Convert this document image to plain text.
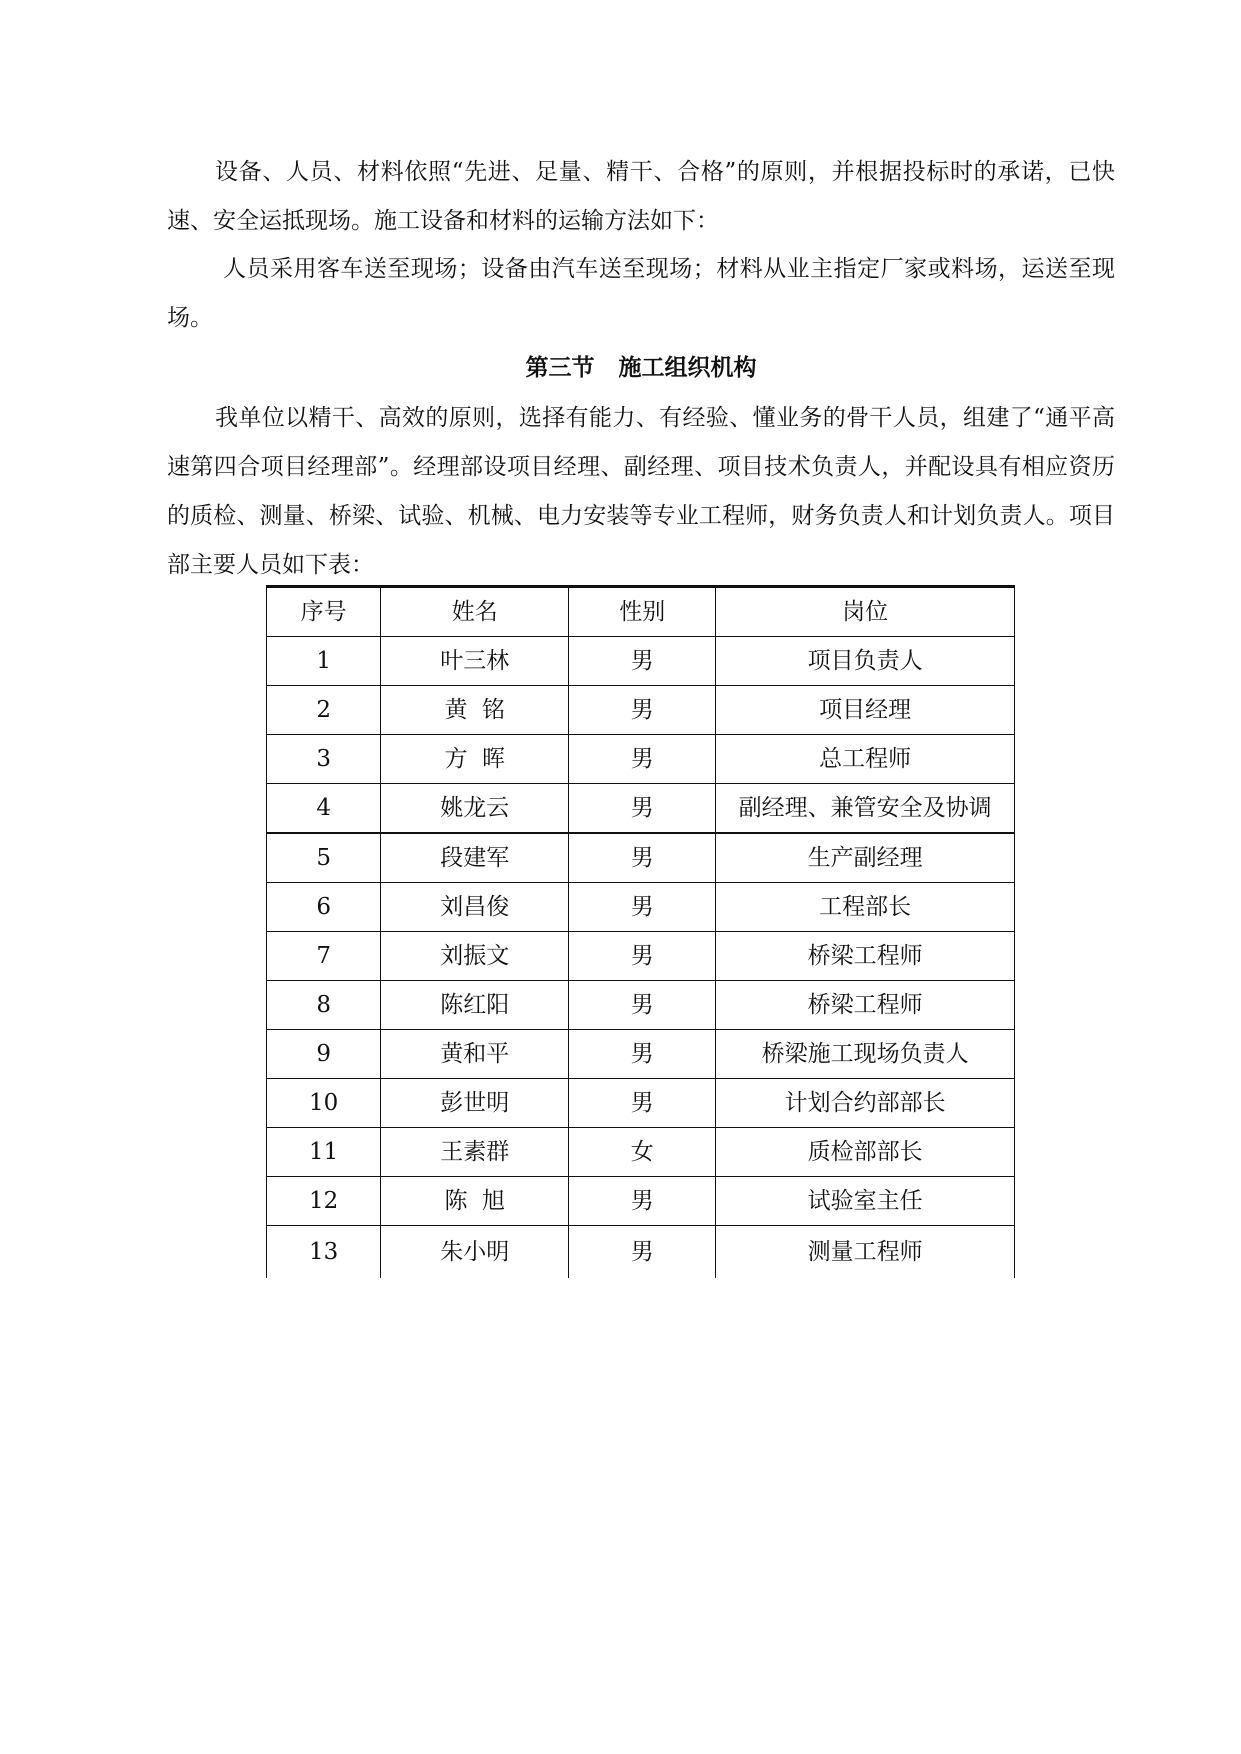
设备、人员、材料依照“先进、足量、精干、合格”的原则，并根据投标时的承诺，已快速、安全运抵现场。施工设备和材料的运输方法如下：

人员采用客车送至现场；设备由汽车送至现场；材料从业主指定厂家或料场，运送至现场。

第三节   施工组织机构

我单位以精干、高效的原则，选择有能力、有经验、懂业务的骨干人员，组建了“通平高速第四合项目经理部”。经理部设项目经理、副经理、项目技术负责人，并配设具有相应资历的质检、测量、桥梁、试验、机械、电力安装等专业工程师，财务负责人和计划负责人。项目部主要人员如下表：

序号	姓名	性别	岗位
1	叶三林	男	项目负责人
2	黄  铭	男	项目经理
3	方  晖	男	总工程师
4	姚龙云	男	副经理、兼管安全及协调
5	段建军	男	生产副经理
6	刘昌俊	男	工程部长
7	刘振文	男	桥梁工程师
8	陈红阳	男	桥梁工程师
9	黄和平	男	桥梁施工现场负责人
10	彭世明	男	计划合约部部长
11	王素群	女	质检部部长
12	陈  旭	男	试验室主任
13	朱小明	男	测量工程师
